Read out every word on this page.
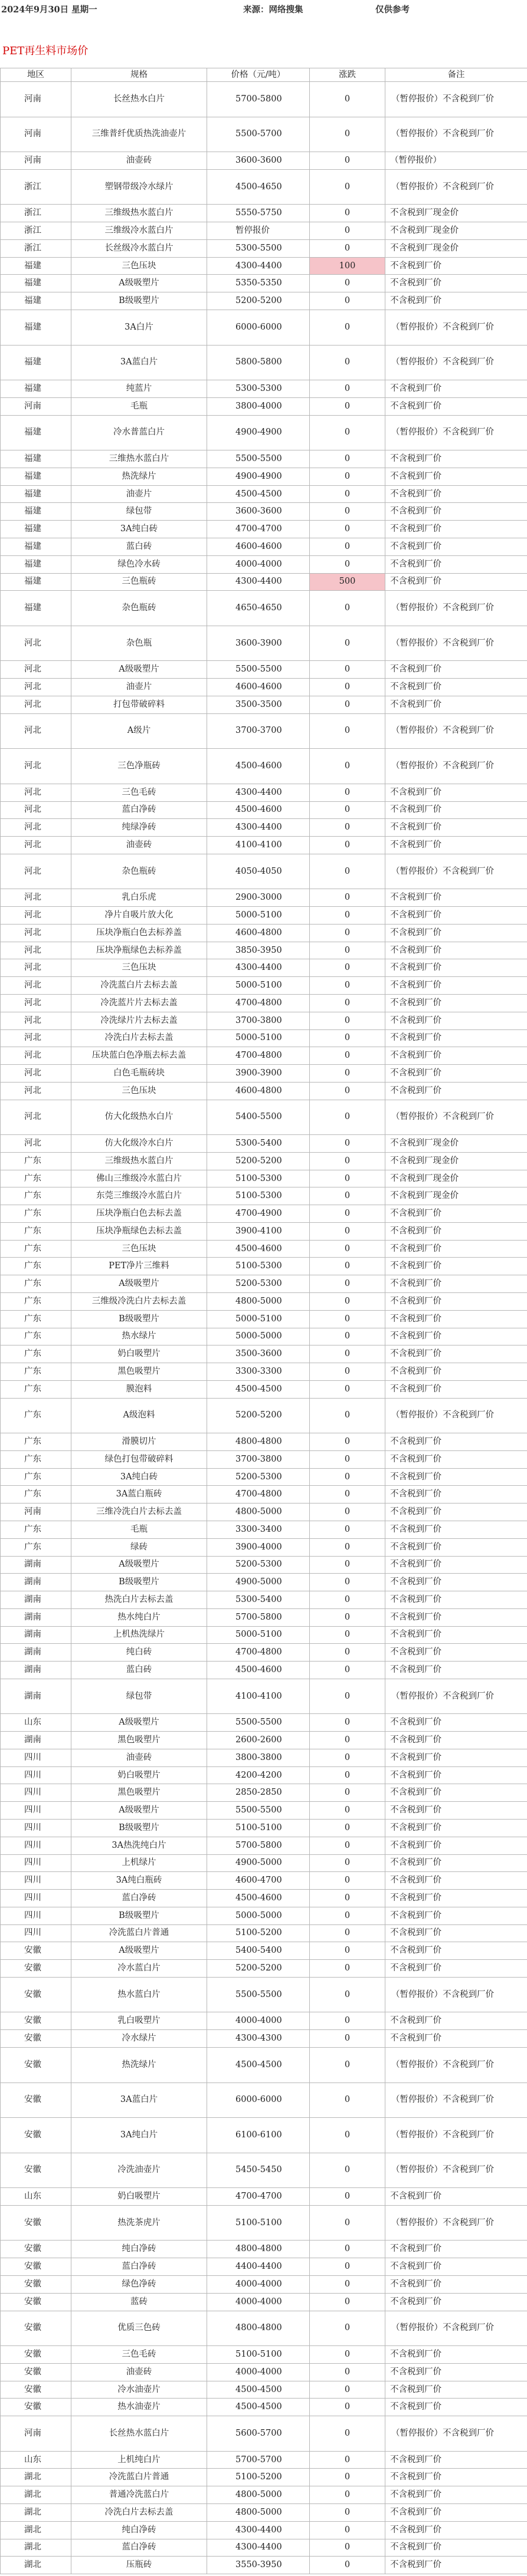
2024年9月30日 星期一	来源：网络搜集	仅供参考
PET再生料市场价
地区	规格	价格（元/吨）	涨跌	备注
河南	长丝热水白片	5700-5800	0	（暂停报价）不含税到厂价
河南	三维普纤优质热洗油壶片	5500-5700	0	（暂停报价）不含税到厂价
河南	油壶砖	3600-3600	0	（暂停报价）
浙江	塑钢带级冷水绿片	4500-4650	0	（暂停报价）不含税到厂价
浙江	三维级热水蓝白片	5550-5750	0	不含税到厂现金价
浙江	三维级冷水蓝白片	暂停报价	0	不含税到厂现金价
浙江	长丝级冷水蓝白片	5300-5500	0	不含税到厂现金价
福建	三色压块	4300-4400	100	不含税到厂价
福建	A级吸塑片	5350-5350	0	不含税到厂价
福建	B级吸塑片	5200-5200	0	不含税到厂价
福建	3A白片	6000-6000	0	（暂停报价）不含税到厂价
福建	3A蓝白片	5800-5800	0	（暂停报价）不含税到厂价
福建	纯蓝片	5300-5300	0	不含税到厂价
河南	毛瓶	3800-4000	0	不含税到厂价
福建	冷水普蓝白片	4900-4900	0	（暂停报价）不含税到厂价
福建	三维热水蓝白片	5500-5500	0	不含税到厂价
福建	热洗绿片	4900-4900	0	不含税到厂价
福建	油壶片	4500-4500	0	不含税到厂价
福建	绿包带	3600-3600	0	不含税到厂价
福建	3A纯白砖	4700-4700	0	不含税到厂价
福建	蓝白砖	4600-4600	0	不含税到厂价
福建	绿色冷水砖	4000-4000	0	不含税到厂价
福建	三色瓶砖	4300-4400	500	不含税到厂价
福建	杂色瓶砖	4650-4650	0	（暂停报价）不含税到厂价
河北	杂色瓶	3600-3900	0	（暂停报价）不含税到厂价
河北	A级吸塑片	5500-5500	0	不含税到厂价
河北	油壶片	4600-4600	0	不含税到厂价
河北	打包带破碎料	3500-3500	0	不含税到厂价
河北	A级片	3700-3700	0	（暂停报价）不含税到厂价
河北	三色净瓶砖	4500-4600	0	（暂停报价）不含税到厂价
河北	三色毛砖	4300-4400	0	不含税到厂价
河北	蓝白净砖	4500-4600	0	不含税到厂价
河北	纯绿净砖	4300-4400	0	不含税到厂价
河北	油壶砖	4100-4100	0	不含税到厂价
河北	杂色瓶砖	4050-4050	0	（暂停报价）不含税到厂价
河北	乳白乐虎	2900-3000	0	不含税到厂价
河北	净片自吸片放大化	5000-5100	0	不含税到厂价
河北	压块净瓶白色去标养盖	4600-4800	0	不含税到厂价
河北	压块净瓶绿色去标养盖	3850-3950	0	不含税到厂价
河北	三色压块	4300-4400	0	不含税到厂价
河北	冷洗蓝白片去标去盖	5000-5100	0	不含税到厂价
河北	冷洗蓝片片去标去盖	4700-4800	0	不含税到厂价
河北	冷洗绿片片去标去盖	3700-3800	0	不含税到厂价
河北	冷洗白片去标去盖	5000-5100	0	不含税到厂价
河北	压块蓝白色净瓶去标去盖	4700-4800	0	不含税到厂价
河北	白色毛瓶砖块	3900-3900	0	不含税到厂价
河北	三色压块	4600-4800	0	不含税到厂价
河北	仿大化级热水白片	5400-5500	0	（暂停报价）不含税到厂价
河北	仿大化级冷水白片	5300-5400	0	不含税到厂现金价
广东	三维级热水蓝白片	5200-5200	0	不含税到厂现金价
广东	佛山三维级冷水蓝白片	5100-5300	0	不含税到厂现金价
广东	东莞三维级冷水蓝白片	5100-5300	0	不含税到厂现金价
广东	压块净瓶白色去标去盖	4700-4900	0	不含税到厂价
广东	压块净瓶绿色去标去盖	3900-4100	0	不含税到厂价
广东	三色压块	4500-4600	0	不含税到厂价
广东	PET净片三维料	5100-5300	0	不含税到厂价
广东	A级吸塑片	5200-5300	0	不含税到厂价
广东	三维级冷洗白片去标去盖	4800-5000	0	不含税到厂价
广东	B级吸塑片	5000-5100	0	不含税到厂价
广东	热水绿片	5000-5000	0	不含税到厂价
广东	奶白吸塑片	3500-3600	0	不含税到厂价
广东	黑色吸塑片	3300-3300	0	不含税到厂价
广东	膜泡料	4500-4500	0	不含税到厂价
广东	A级泡料	5200-5200	0	（暂停报价）不含税到厂价
广东	滑膜切片	4800-4800	0	不含税到厂价
广东	绿色打包带破碎料	3700-3800	0	不含税到厂价
广东	3A纯白砖	5200-5300	0	不含税到厂价
广东	3A蓝白瓶砖	4700-4800	0	不含税到厂价
河南	三维冷洗白片去标去盖	4800-5000	0	不含税到厂价
广东	毛瓶	3300-3400	0	不含税到厂价
广东	绿砖	3900-4000	0	不含税到厂价
湖南	A级吸塑片	5200-5300	0	不含税到厂价
湖南	B级吸塑片	4900-5000	0	不含税到厂价
湖南	热洗白片去标去盖	5300-5400	0	不含税到厂价
湖南	热水纯白片	5700-5800	0	不含税到厂价
湖南	上机热洗绿片	5000-5100	0	不含税到厂价
湖南	纯白砖	4700-4800	0	不含税到厂价
湖南	蓝白砖	4500-4600	0	不含税到厂价
湖南	绿包带	4100-4100	0	（暂停报价）不含税到厂价
山东	A级吸塑片	5500-5500	0	不含税到厂价
湖南	黑色吸塑片	2600-2600	0	不含税到厂价
四川	油壶砖	3800-3800	0	不含税到厂价
四川	奶白吸塑片	4200-4200	0	不含税到厂价
四川	黑色吸塑片	2850-2850	0	不含税到厂价
四川	A级吸塑片	5500-5500	0	不含税到厂价
四川	B级吸塑片	5100-5100	0	不含税到厂价
四川	3A热洗纯白片	5700-5800	0	不含税到厂价
四川	上机绿片	4900-5000	0	不含税到厂价
四川	3A纯白瓶砖	4600-4700	0	不含税到厂价
四川	蓝白净砖	4500-4600	0	不含税到厂价
四川	B级吸塑片	5000-5000	0	不含税到厂价
四川	冷洗蓝白片普通	5100-5200	0	不含税到厂价
安徽	A级吸塑片	5400-5400	0	不含税到厂价
安徽	冷水蓝白片	5200-5200	0	不含税到厂价
安徽	热水蓝白片	5500-5500	0	（暂停报价）不含税到厂价
安徽	乳白吸塑片	4000-4000	0	不含税到厂价
安徽	冷水绿片	4300-4300	0	不含税到厂价
安徽	热洗绿片	4500-4500	0	（暂停报价）不含税到厂价
安徽	3A蓝白片	6000-6000	0	（暂停报价）不含税到厂价
安徽	3A纯白片	6100-6100	0	（暂停报价）不含税到厂价
安徽	冷洗油壶片	5450-5450	0	（暂停报价）不含税到厂价
山东	奶白吸塑片	4700-4700	0	不含税到厂价
安徽	热洗茶虎片	5100-5100	0	（暂停报价）不含税到厂价
安徽	纯白净砖	4800-4800	0	不含税到厂价
安徽	蓝白净砖	4400-4400	0	不含税到厂价
安徽	绿色净砖	4000-4000	0	不含税到厂价
安徽	蓝砖	4000-4000	0	不含税到厂价
安徽	优质三色砖	4800-4800	0	（暂停报价）不含税到厂价
安徽	三色毛砖	5100-5100	0	不含税到厂价
安徽	油壶砖	4000-4000	0	不含税到厂价
安徽	冷水油壶片	4500-4500	0	不含税到厂价
安徽	热水油壶片	4500-4500	0	不含税到厂价
河南	长丝热水蓝白片	5600-5700	0	（暂停报价）不含税到厂价
山东	上机纯白片	5700-5700	0	不含税到厂价
湖北	冷洗蓝白片普通	5100-5200	0	不含税到厂价
湖北	普通冷洗蓝白片	4800-5000	0	不含税到厂价
湖北	冷洗白片去标去盖	4800-5000	0	不含税到厂价
湖北	纯白净砖	4300-4400	0	不含税到厂价
湖北	蓝白净砖	4300-4400	0	不含税到厂价
湖北	压瓶砖	3550-3950	0	不含税到厂价
